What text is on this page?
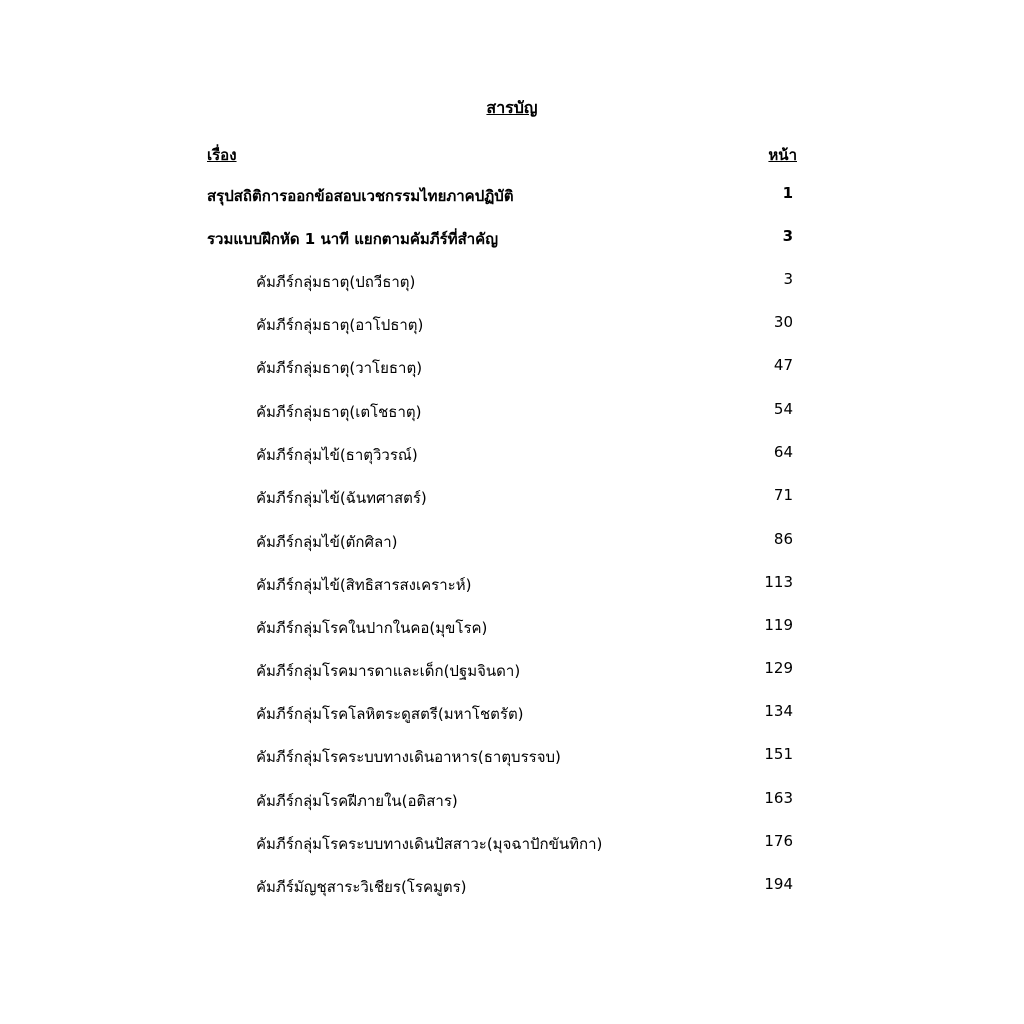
สารบัญ
เรื่อง	หน้า
สรุปสถิติการออกข้อสอบเวชกรรมไทยภาคปฏิบัติ	1
รวมแบบฝึกหัด 1 นาที แยกตามคัมภีร์ที่สำคัญ	3
คัมภีร์กลุ่มธาตุ(ปถวีธาตุ)	3
คัมภีร์กลุ่มธาตุ(อาโปธาตุ)	30
คัมภีร์กลุ่มธาตุ(วาโยธาตุ)	47
คัมภีร์กลุ่มธาตุ(เตโชธาตุ)	54
คัมภีร์กลุ่มไข้(ธาตุวิวรณ์)	64
คัมภีร์กลุ่มไข้(ฉันทศาสตร์)	71
คัมภีร์กลุ่มไข้(ตักศิลา)	86
คัมภีร์กลุ่มไข้(สิทธิสารสงเคราะห์)	113
คัมภีร์กลุ่มโรคในปากในคอ(มุขโรค)	119
คัมภีร์กลุ่มโรคมารดาและเด็ก(ปฐมจินดา)	129
คัมภีร์กลุ่มโรคโลหิตระดูสตรี(มหาโชตรัต)	134
คัมภีร์กลุ่มโรคระบบทางเดินอาหาร(ธาตุบรรจบ)	151
คัมภีร์กลุ่มโรคฝีภายใน(อติสาร)	163
คัมภีร์กลุ่มโรคระบบทางเดินปัสสาวะ(มุจฉาปักขันทิกา)	176
คัมภีร์มัญชุสาระวิเชียร(โรคมูตร)	194
